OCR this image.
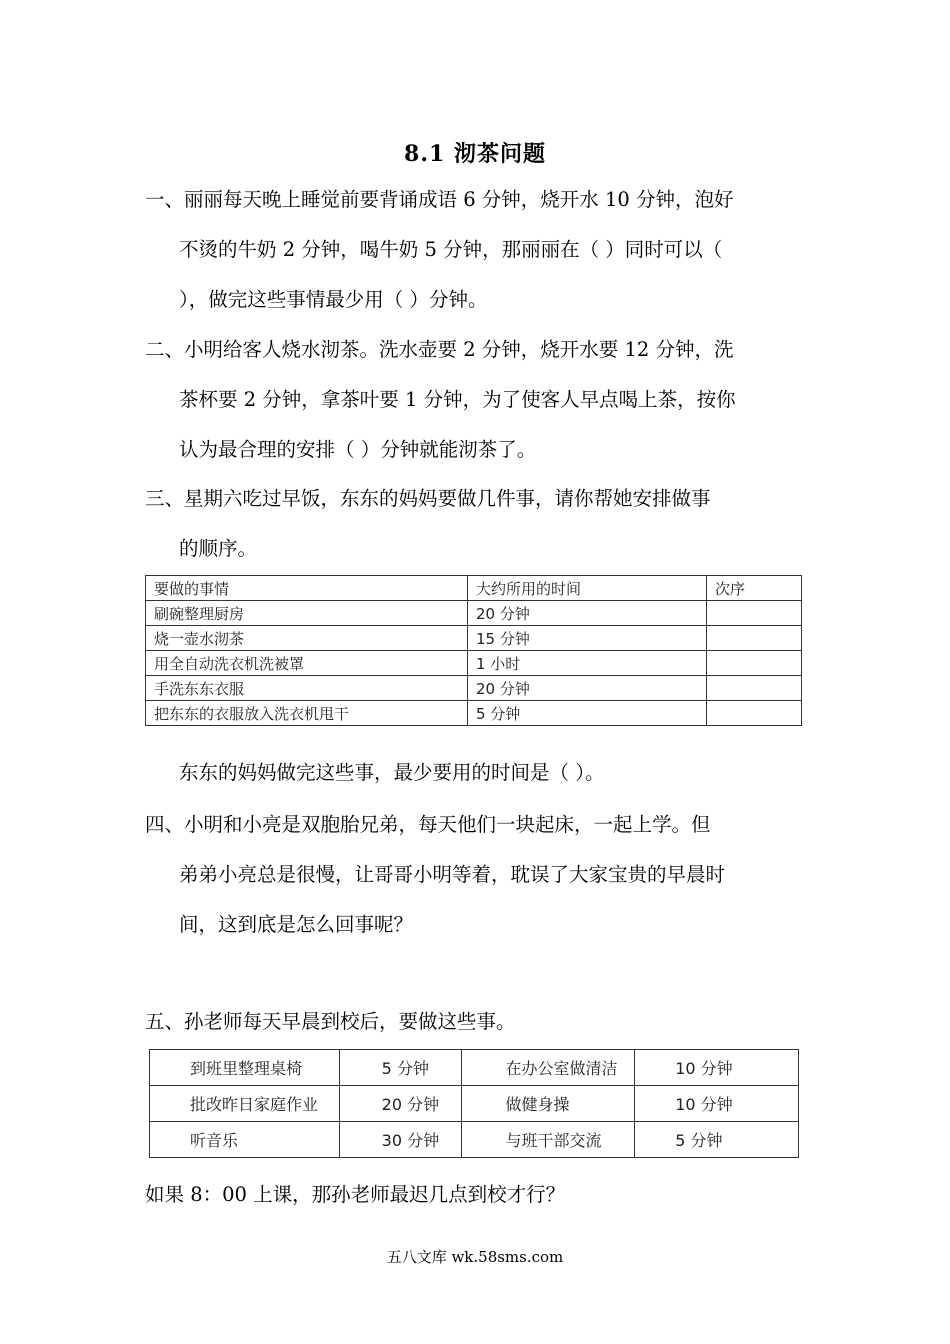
8.1 沏茶问题
一、丽丽每天晚上睡觉前要背诵成语 6 分钟，烧开水 10 分钟，泡好
不烫的牛奶 2 分钟，喝牛奶 5 分钟，那丽丽在（ ）同时可以（
），做完这些事情最少用（ ）分钟。
二、小明给客人烧水沏茶。洗水壶要 2 分钟，烧开水要 12 分钟，洗
茶杯要 2 分钟，拿茶叶要 1 分钟，为了使客人早点喝上茶，按你
认为最合理的安排（ ）分钟就能沏茶了。
三、星期六吃过早饭，东东的妈妈要做几件事，请你帮她安排做事
的顺序。
要做的事情	大约所用的时间	次序
刷碗整理厨房	20 分钟	
烧一壶水沏茶	15 分钟	
用全自动洗衣机洗被罩	1 小时	
手洗东东衣服	20 分钟	
把东东的衣服放入洗衣机甩干	5 分钟	
东东的妈妈做完这些事，最少要用的时间是（ ）。
四、小明和小亮是双胞胎兄弟，每天他们一块起床，一起上学。但
弟弟小亮总是很慢，让哥哥小明等着，耽误了大家宝贵的早晨时
间，这到底是怎么回事呢？
五、孙老师每天早晨到校后，要做这些事。
到班里整理桌椅	5 分钟	在办公室做清洁	10 分钟
批改昨日家庭作业	20 分钟	做健身操	10 分钟
听音乐	30 分钟	与班干部交流	5 分钟
如果 8：00 上课，那孙老师最迟几点到校才行？
五八文库 wk.58sms.com
